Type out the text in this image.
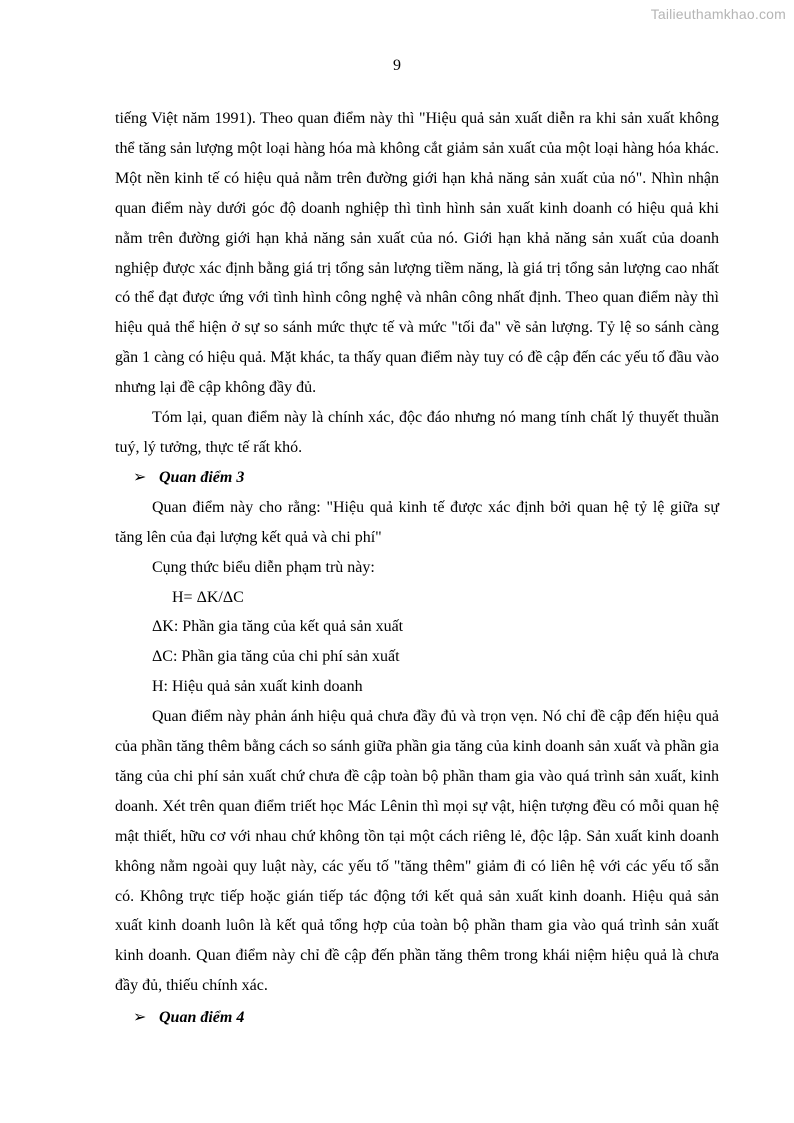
Tailieuthamkhao.com
9

tiếng Việt năm 1991). Theo quan điểm này thì "Hiệu quả sản xuất diễn ra khi sản xuất không thể tăng sản lượng một loại hàng hóa mà không cắt giảm sản xuất của một loại hàng hóa khác. Một nền kinh tế có hiệu quả nằm trên đường giới hạn khả năng sản xuất của nó". Nhìn nhận quan điểm này dưới góc độ doanh nghiệp thì tình hình sản xuất kinh doanh có hiệu quả khi nằm trên đường giới hạn khả năng sản xuất của nó. Giới hạn khả năng sản xuất của doanh nghiệp được xác định bằng giá trị tổng sản lượng tiềm năng, là giá trị tổng sản lượng cao nhất có thể đạt được ứng với tình hình công nghệ và nhân công nhất định. Theo quan điểm này thì hiệu quả thể hiện ở sự so sánh mức thực tế và mức "tối đa" về sản lượng. Tỷ lệ so sánh càng gần 1 càng có hiệu quả. Mặt khác, ta thấy quan điểm này tuy có đề cập đến các yếu tố đầu vào nhưng lại đề cập không đầy đủ.

Tóm lại, quan điểm này là chính xác, độc đáo nhưng nó mang tính chất lý thuyết thuần tuý, lý tưởng, thực tế rất khó.

➢ Quan điểm 3

Quan điểm này cho rằng: "Hiệu quả kinh tế được xác định bởi quan hệ tỷ lệ giữa sự tăng lên của đại lượng kết quả và chi phí"

Cụng thức biểu diễn phạm trù này:

H= ΔK/ΔC

ΔK: Phần gia tăng của kết quả sản xuất

ΔC: Phần gia tăng của chi phí sản xuất

H: Hiệu quả sản xuất kinh doanh

Quan điểm này phản ánh hiệu quả chưa đầy đủ và trọn vẹn. Nó chỉ đề cập đến hiệu quả của phần tăng thêm bằng cách so sánh giữa phần gia tăng của kinh doanh sản xuất và phần gia tăng của chi phí sản xuất chứ chưa đề cập toàn bộ phần tham gia vào quá trình sản xuất, kinh doanh. Xét trên quan điểm triết học Mác Lênin thì mọi sự vật, hiện tượng đều có mỗi quan hệ mật thiết, hữu cơ với nhau chứ không tồn tại một cách riêng lẻ, độc lập. Sản xuất kinh doanh không nằm ngoài quy luật này, các yếu tố "tăng thêm" giảm đi có liên hệ với các yếu tố sẵn có. Không trực tiếp hoặc gián tiếp tác động tới kết quả sản xuất kinh doanh. Hiệu quả sản xuất kinh doanh luôn là kết quả tổng hợp của toàn bộ phần tham gia vào quá trình sản xuất kinh doanh. Quan điểm này chỉ đề cập đến phần tăng thêm trong khái niệm hiệu quả là chưa đầy đủ, thiếu chính xác.

➢ Quan điểm 4
